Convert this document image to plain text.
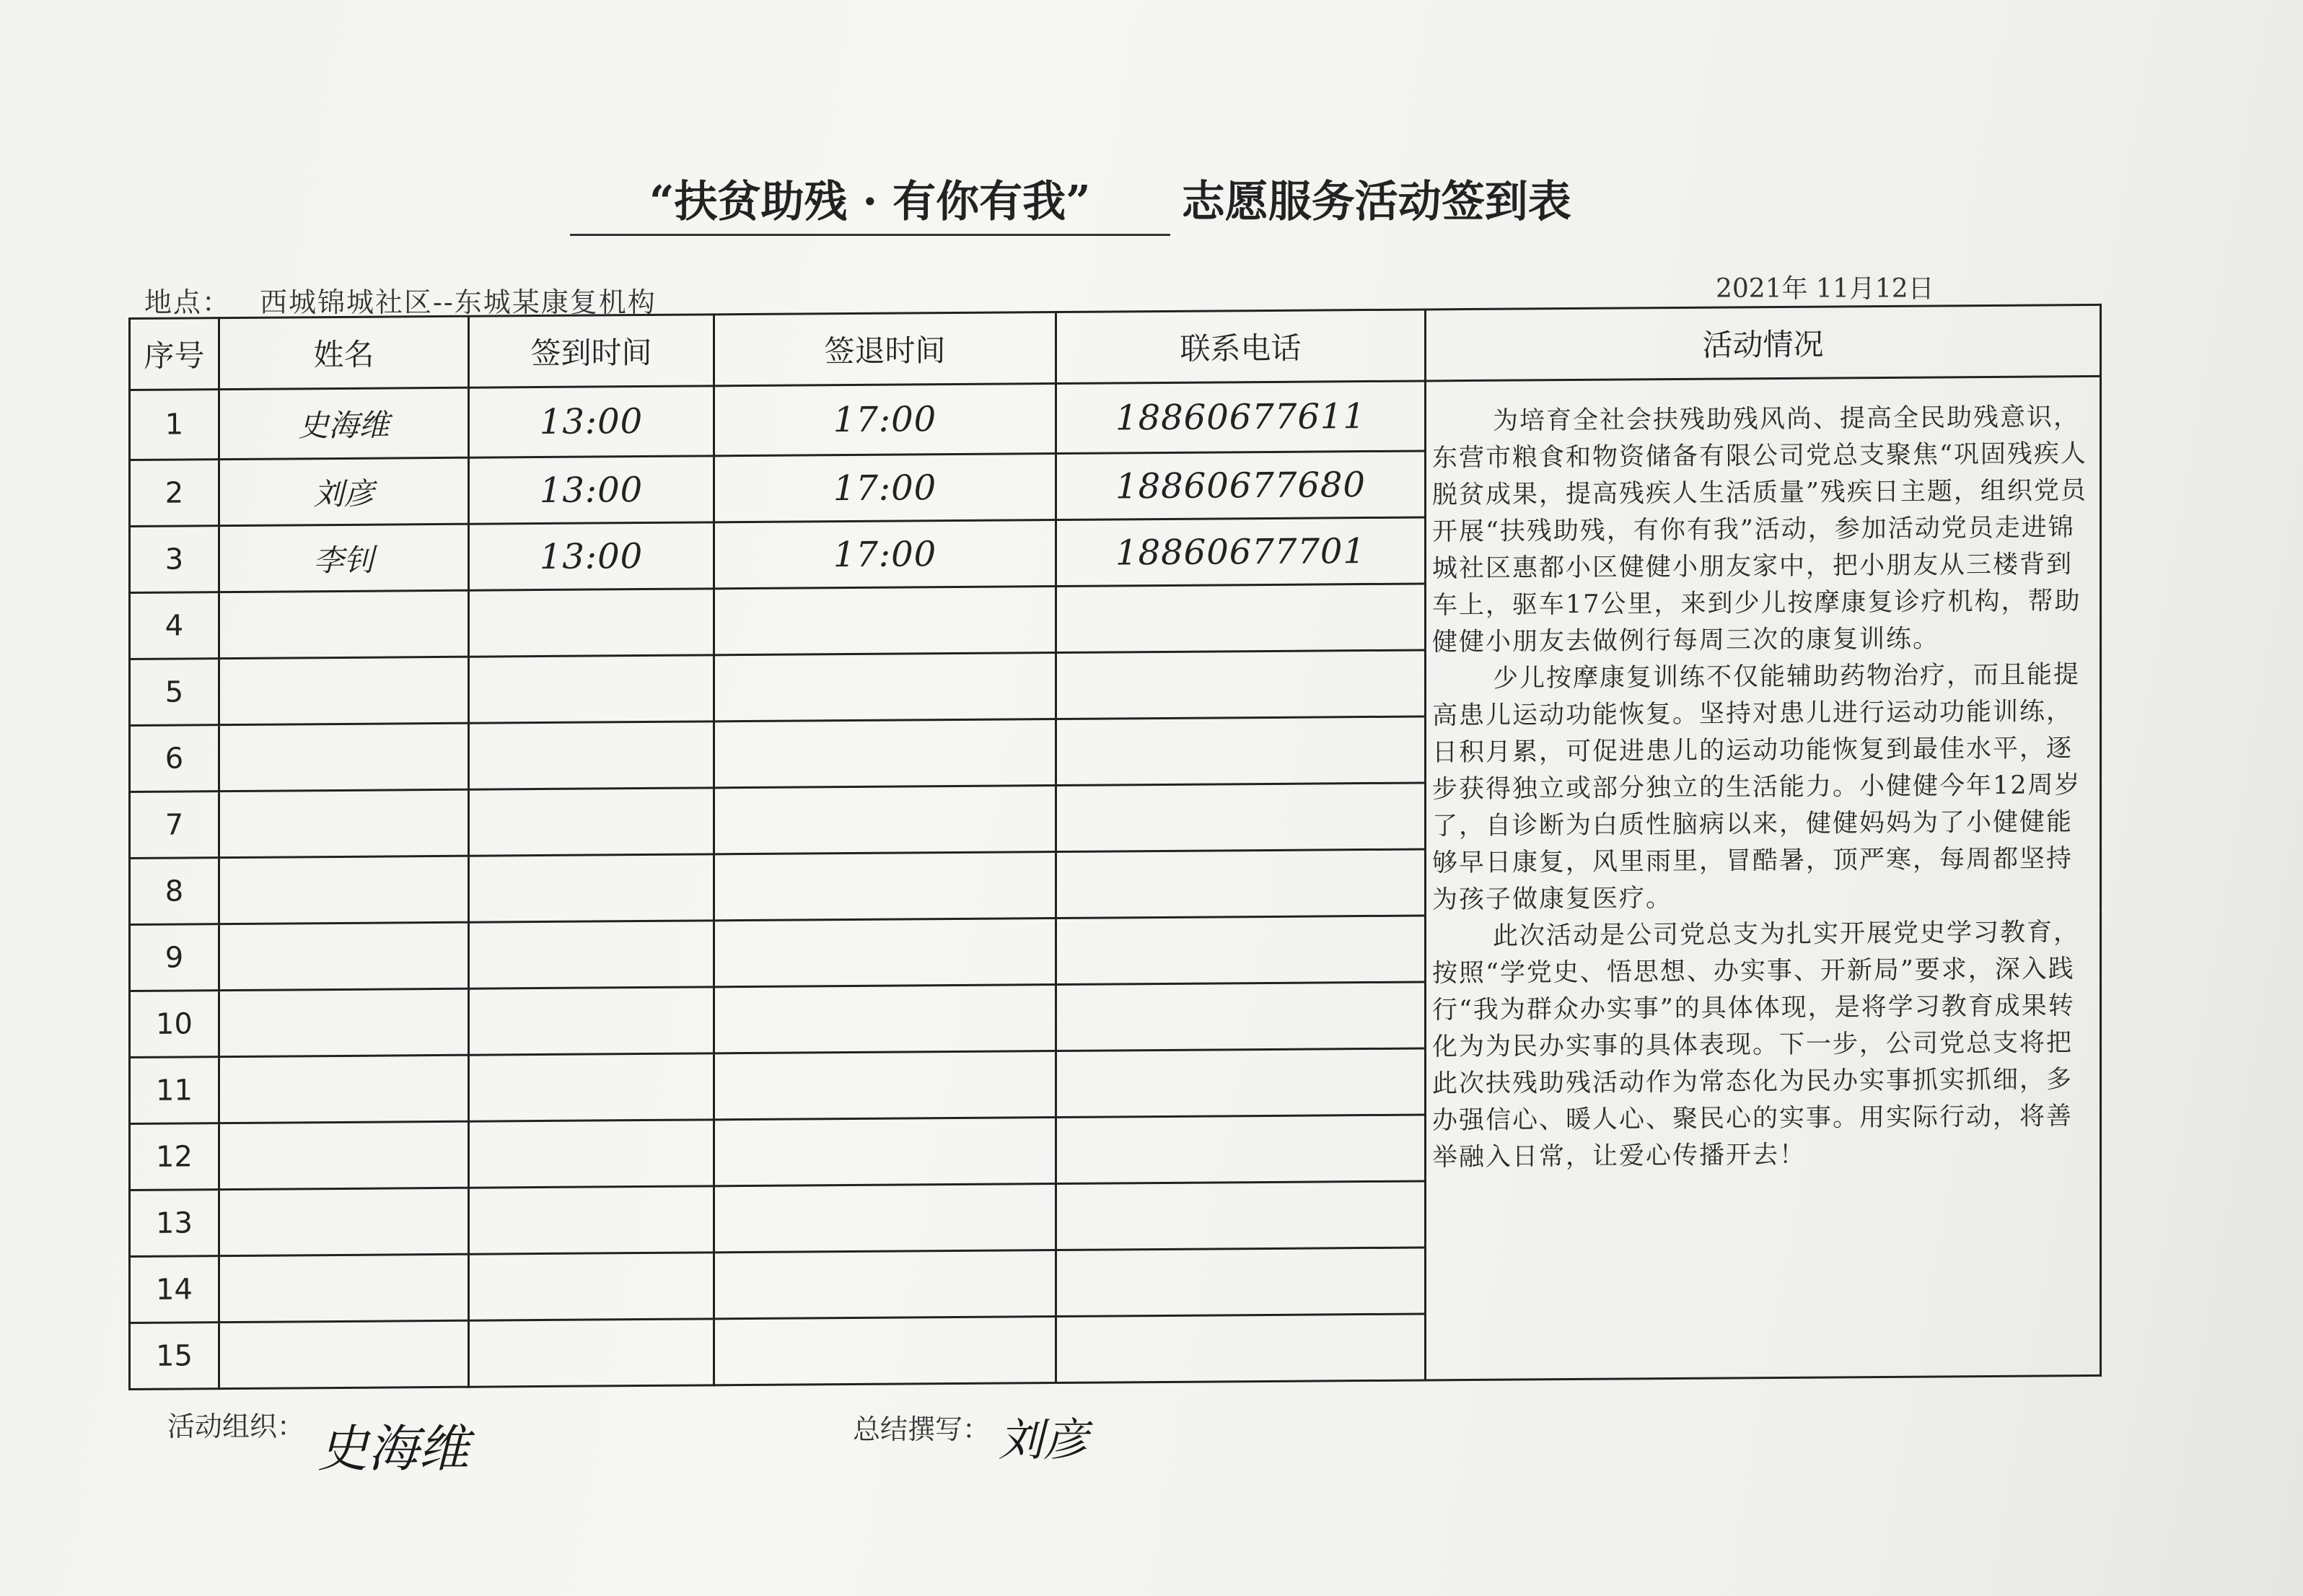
“扶贫助残 · 有你有我” 志愿服务活动签到表
地点： 西城锦城社区--东城某康复机构	2021年 11月12日
序号	姓名	签到时间	签退时间	联系电话	活动情况
1	史海维	13:00	17:00	18860677611	为培育全社会扶残助残风尚、提高全民助残意识，东营市粮食和物资储备有限公司党总支聚焦“巩固残疾人脱贫成果，提高残疾人生活质量”残疾日主题，组织党员开展“扶残助残，有你有我”活动，参加活动党员走进锦城社区惠都小区健健小朋友家中，把小朋友从三楼背到车上，驱车17公里，来到少儿按摩康复诊疗机构，帮助健健小朋友去做例行每周三次的康复训练。

少儿按摩康复训练不仅能辅助药物治疗，而且能提高患儿运动功能恢复。坚持对患儿进行运动功能训练，日积月累，可促进患儿的运动功能恢复到最佳水平，逐步获得独立或部分独立的生活能力。小健健今年12周岁了，自诊断为白质性脑病以来，健健妈妈为了小健健能够早日康复，风里雨里，冒酷暑，顶严寒，每周都坚持为孩子做康复医疗。

此次活动是公司党总支为扎实开展党史学习教育，按照“学党史、悟思想、办实事、开新局”要求，深入践行“我为群众办实事”的具体体现，是将学习教育成果转化为为民办实事的具体表现。下一步，公司党总支将把此次扶残助残活动作为常态化为民办实事抓实抓细，多办强信心、暖人心、聚民心的实事。用实际行动，将善举融入日常，让爱心传播开去！

2	刘彦	13:00	17:00	18860677680	
3	李钊	13:00	17:00	18860677701	
4					
5					
6					
7					
8					
9					
10					
11					
12					
13					
14					
15					
活动组织： 史海维	总结撰写： 刘彦
